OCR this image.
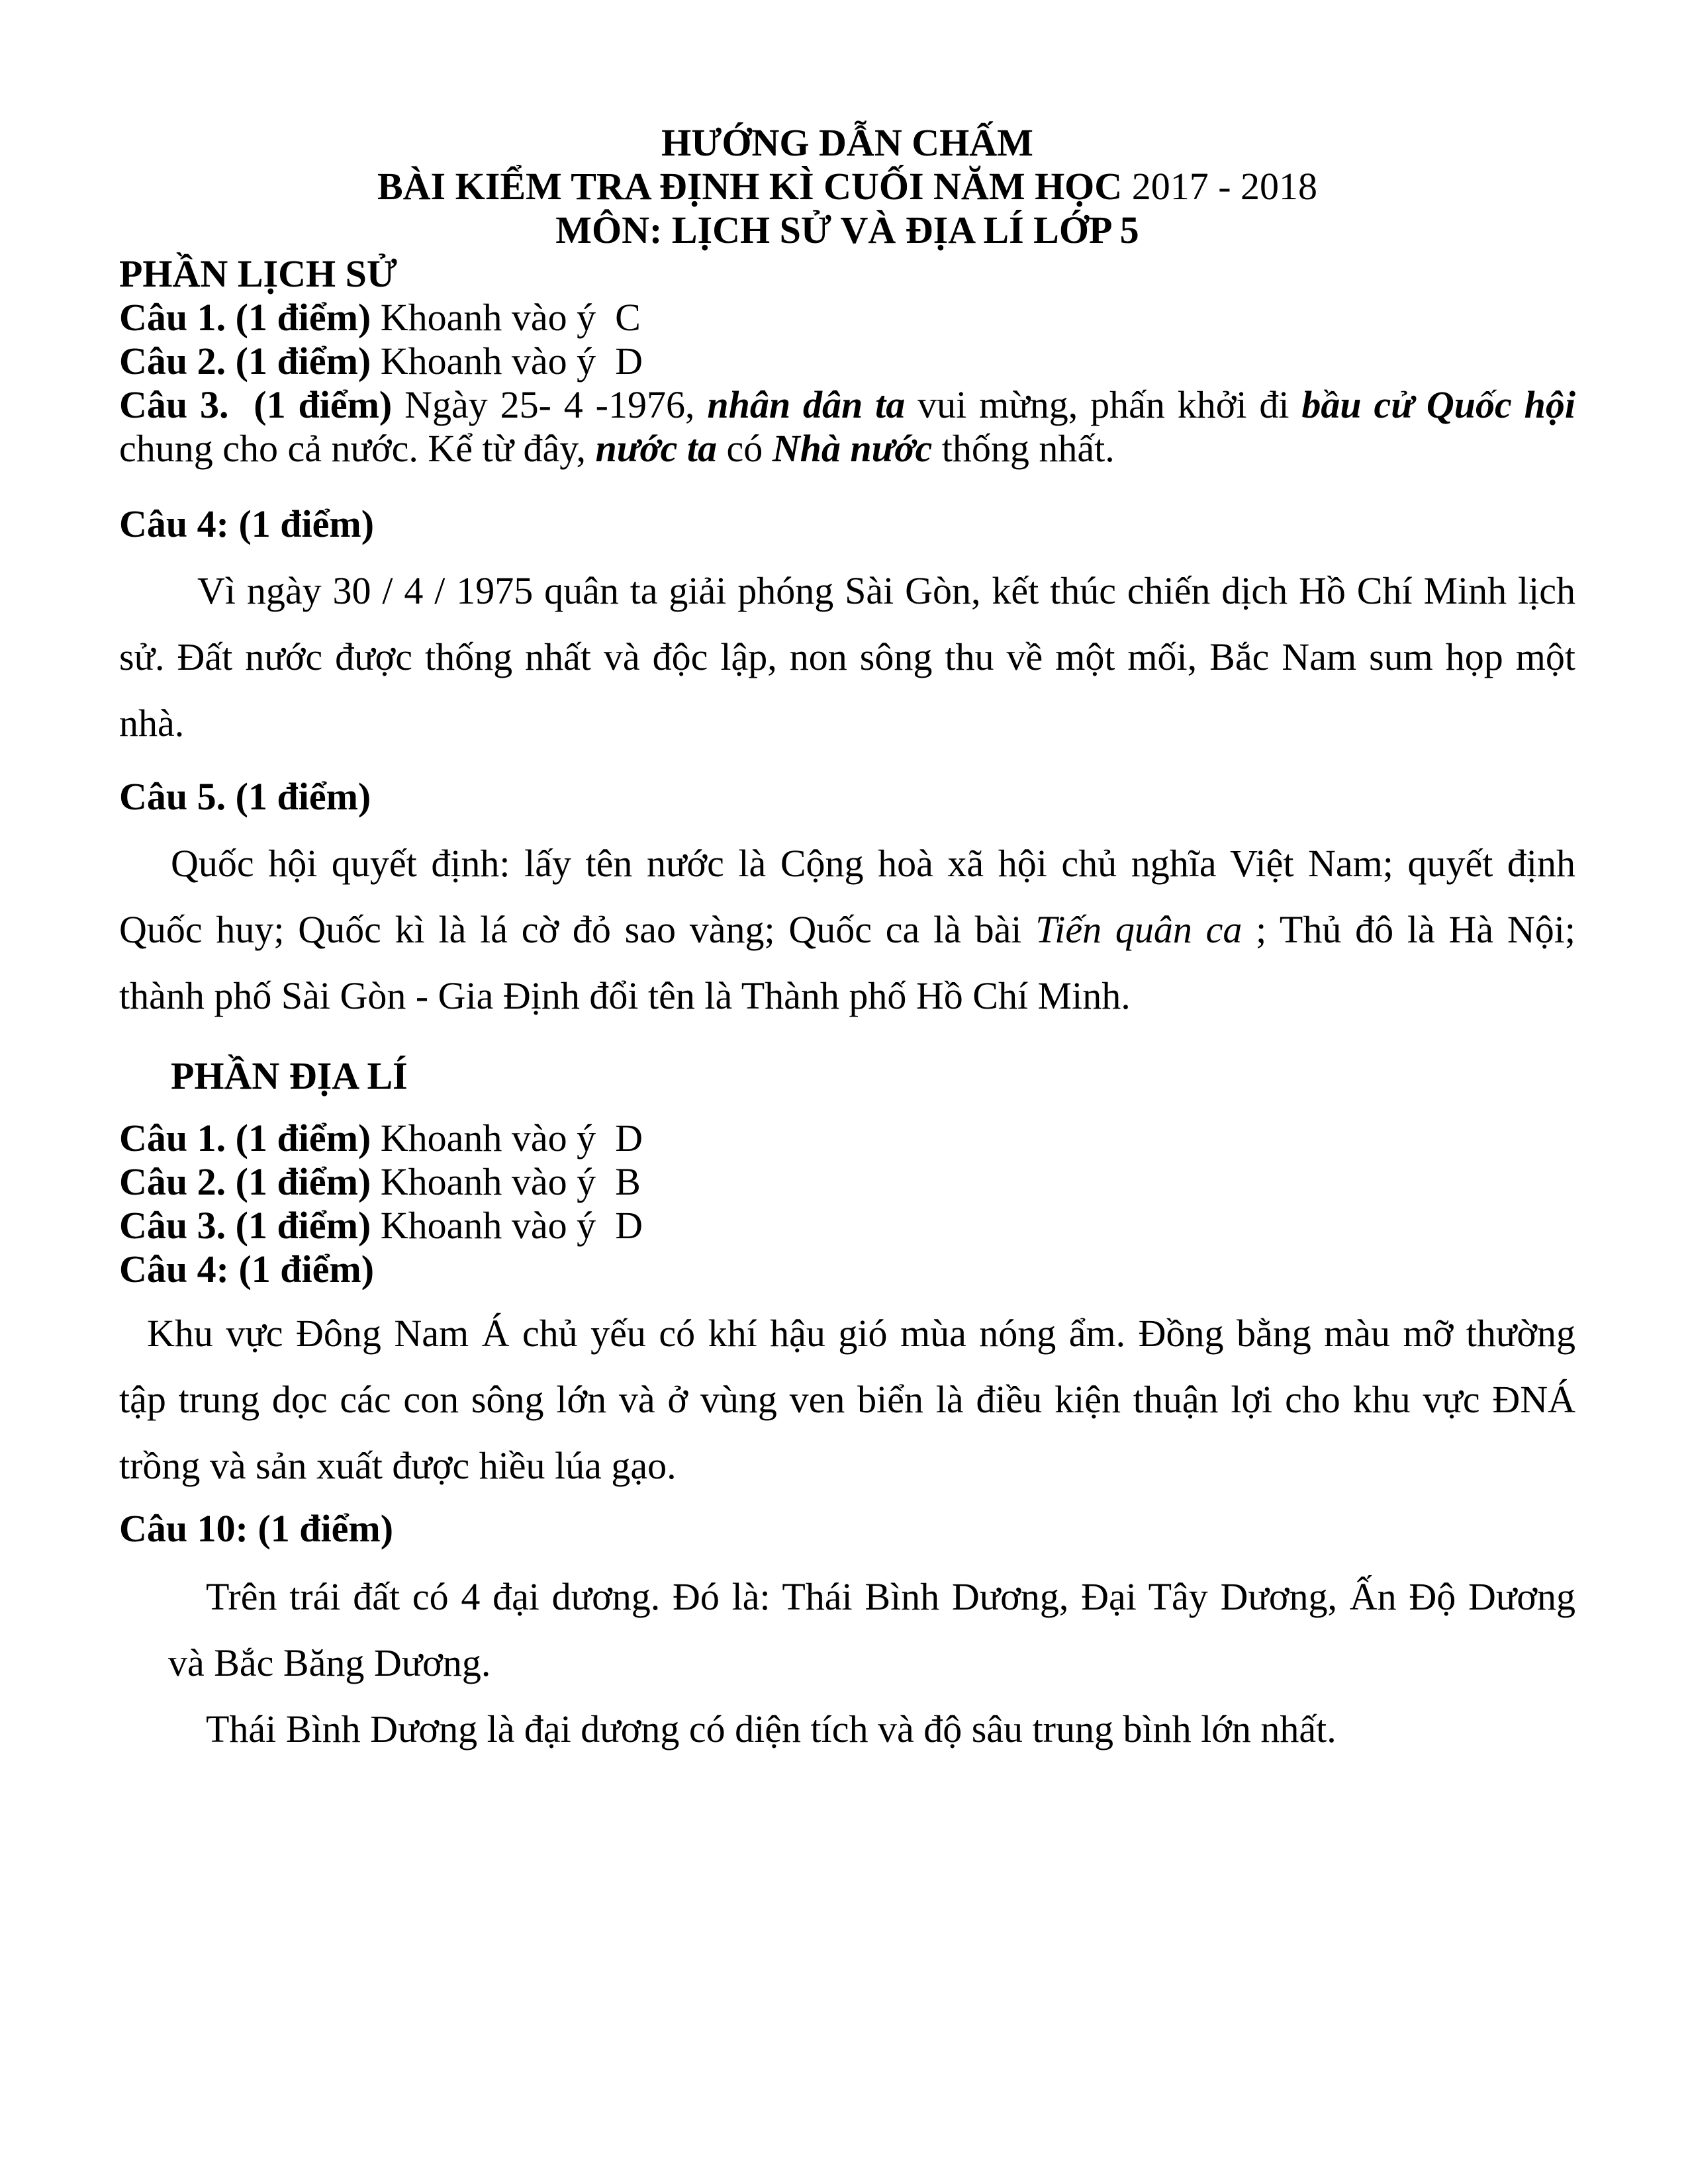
HƯỚNG DẪN CHẤM
BÀI KIỂM TRA ĐỊNH KÌ CUỐI NĂM HỌC 2017 - 2018
MÔN: LỊCH SỬ VÀ ĐỊA LÍ LỚP 5
PHẦN LỊCH SỬ
Câu 1. (1 điểm) Khoanh vào ý  C
Câu 2. (1 điểm) Khoanh vào ý  D
Câu 3.  (1 điểm) Ngày 25- 4 -1976, nhân dân ta vui mừng, phấn khởi đi bầu cử Quốc hội
chung cho cả nước. Kể từ đây, nước ta có Nhà nước thống nhất.
Câu 4: (1 điểm)
Vì ngày 30 / 4 / 1975 quân ta giải phóng Sài Gòn, kết thúc chiến dịch Hồ Chí Minh lịch
sử. Đất nước được thống nhất và độc lập, non sông thu về một mối, Bắc Nam sum họp một
nhà.
Câu 5. (1 điểm)
Quốc hội quyết định: lấy tên nước là Cộng hoà xã hội chủ nghĩa Việt Nam; quyết định
Quốc huy; Quốc kì là lá cờ đỏ sao vàng; Quốc ca là bài Tiến quân ca ; Thủ đô là Hà Nội;
thành phố Sài Gòn - Gia Định đổi tên là Thành phố Hồ Chí Minh.
PHẦN ĐỊA LÍ
Câu 1. (1 điểm) Khoanh vào ý  D
Câu 2. (1 điểm) Khoanh vào ý  B
Câu 3. (1 điểm) Khoanh vào ý  D
Câu 4: (1 điểm)
Khu vực Đông Nam Á chủ yếu có khí hậu gió mùa nóng ẩm. Đồng bằng màu mỡ thường
tập trung dọc các con sông lớn và ở vùng ven biển là điều kiện thuận lợi cho khu vực ĐNÁ
trồng và sản xuất được hiều lúa gạo.
Câu 10: (1 điểm)
Trên trái đất có 4 đại dương. Đó là: Thái Bình Dương, Đại Tây Dương, Ấn Độ Dương
và Bắc Băng Dương.
Thái Bình Dương là đại dương có diện tích và độ sâu trung bình lớn nhất.
